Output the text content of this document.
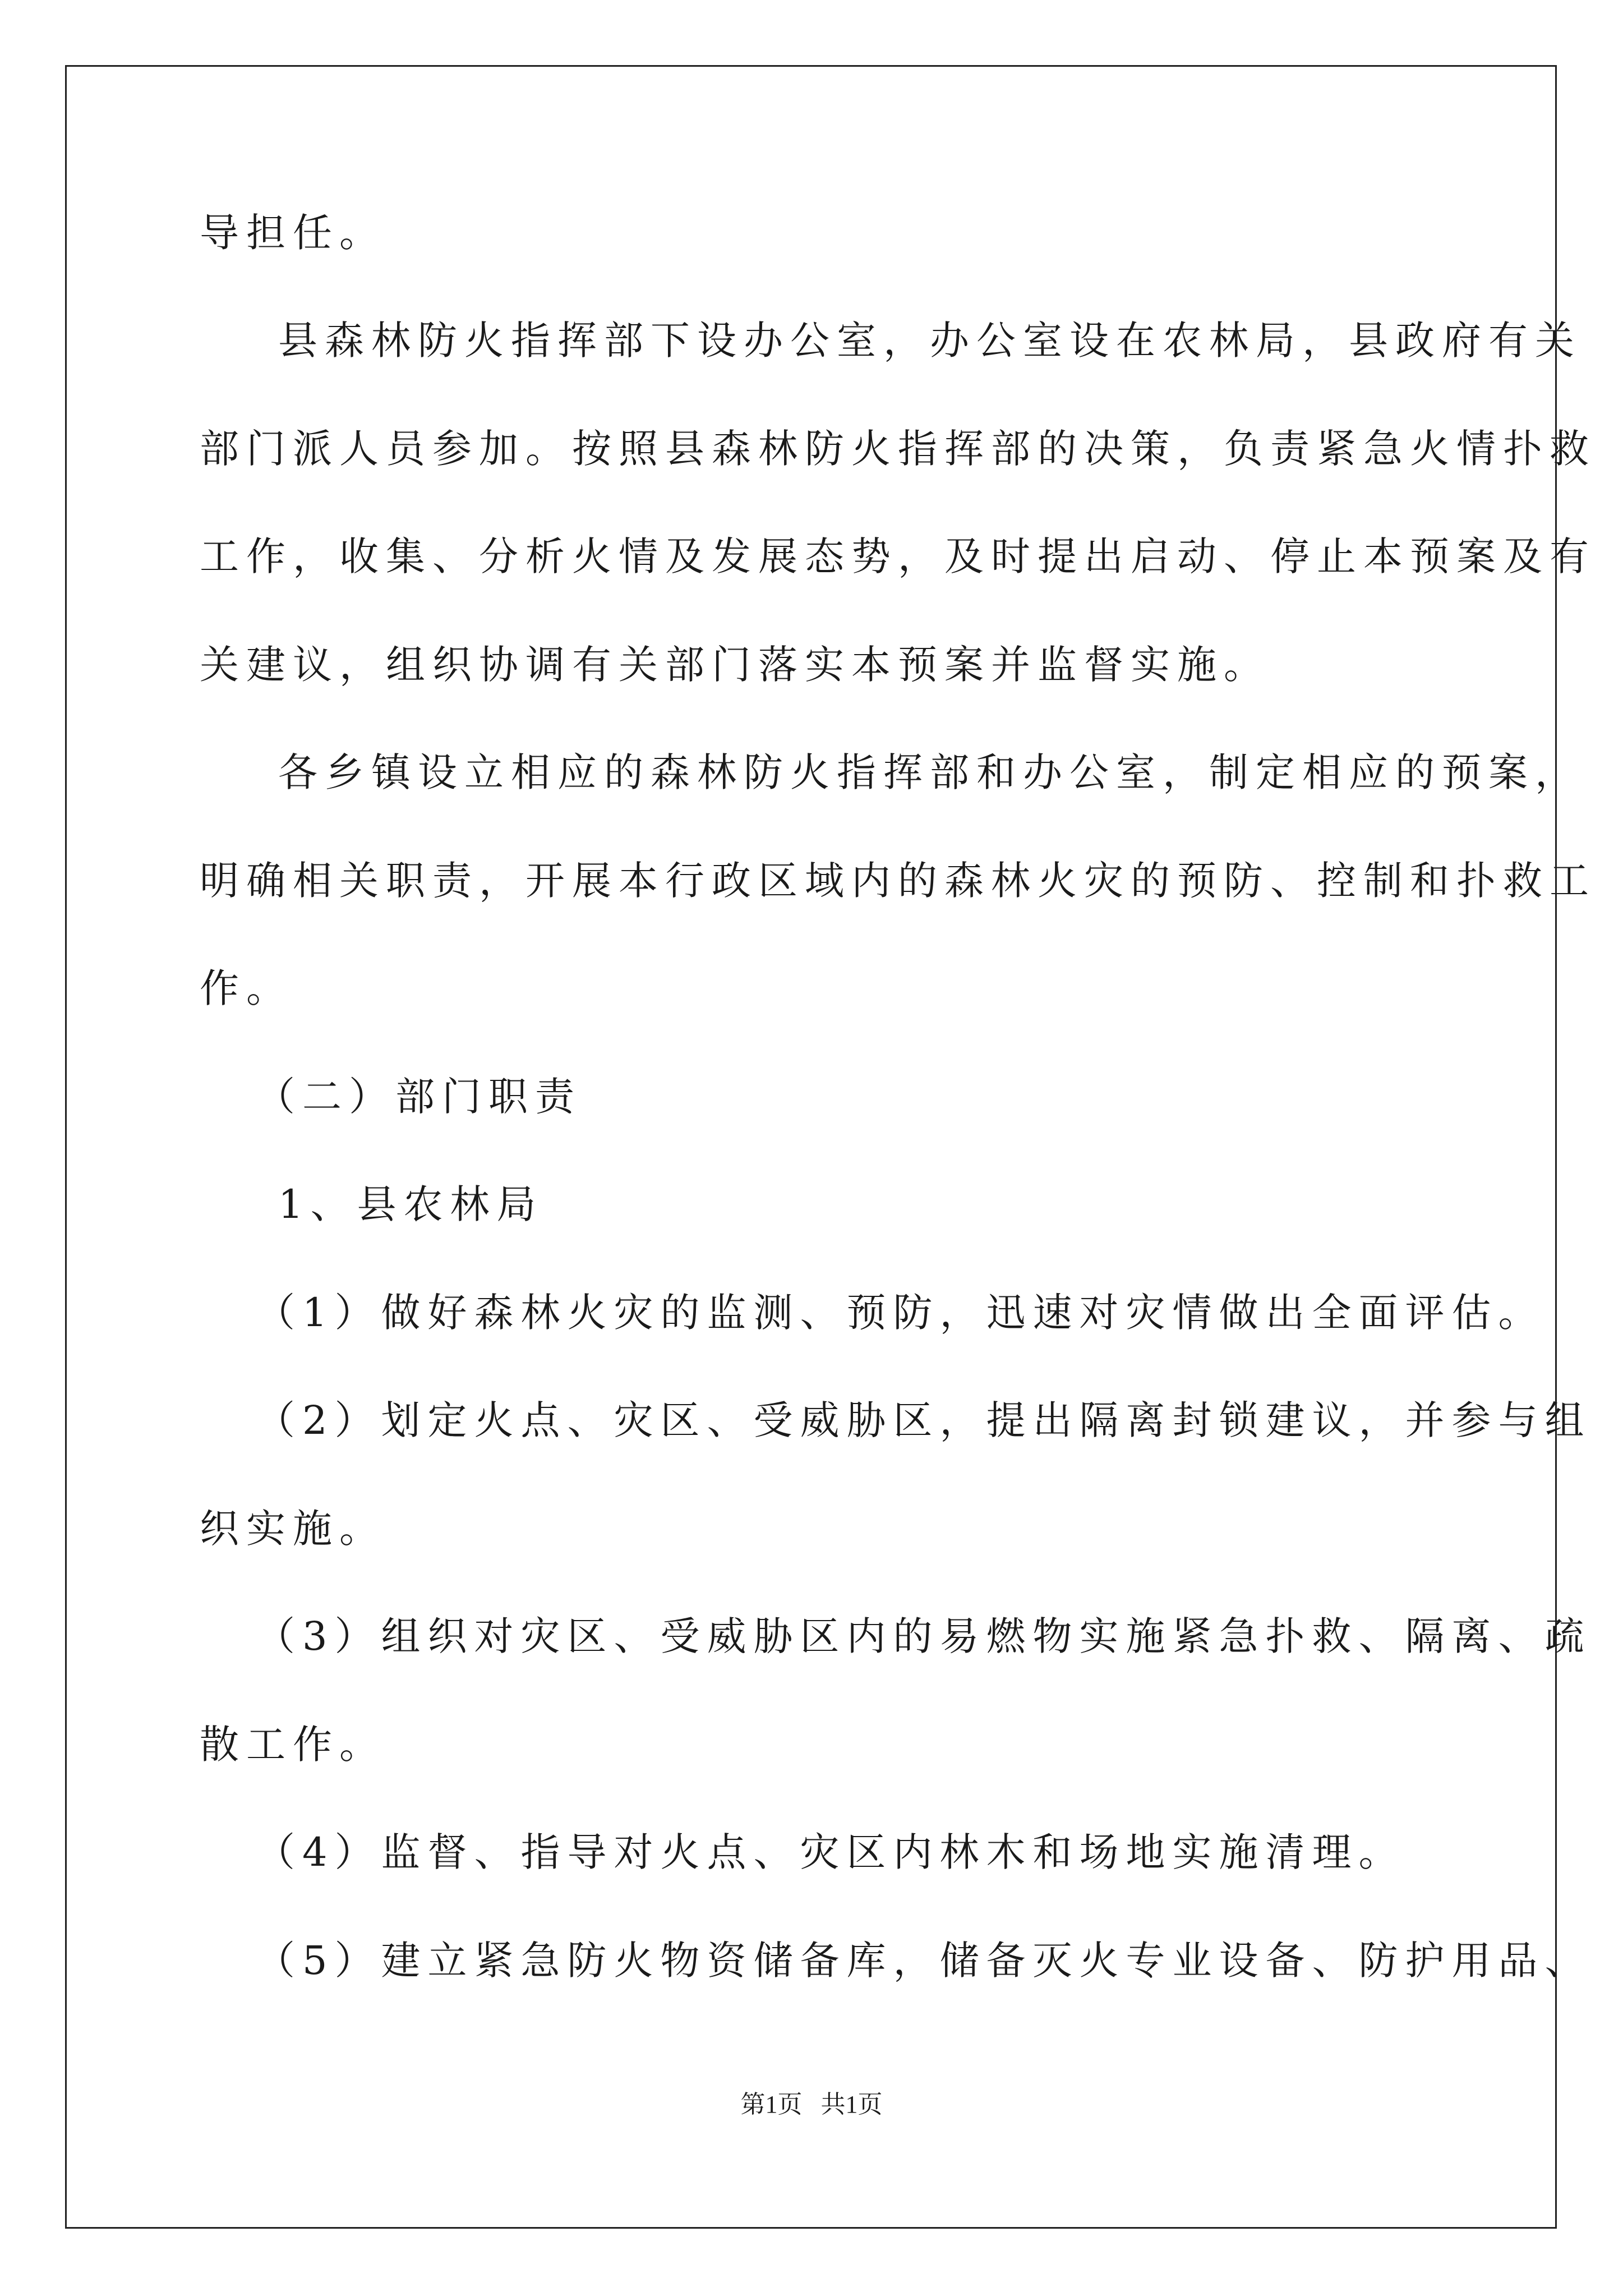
导担任。
县森林防火指挥部下设办公室，办公室设在农林局，县政府有关
部门派人员参加。按照县森林防火指挥部的决策，负责紧急火情扑救
工作，收集、分析火情及发展态势，及时提出启动、停止本预案及有
关建议，组织协调有关部门落实本预案并监督实施。
各乡镇设立相应的森林防火指挥部和办公室，制定相应的预案，
明确相关职责，开展本行政区域内的森林火灾的预防、控制和扑救工
作。
（二）部门职责
1、县农林局
（1）做好森林火灾的监测、预防，迅速对灾情做出全面评估。
（2）划定火点、灾区、受威胁区，提出隔离封锁建议，并参与组
织实施。
（3）组织对灾区、受威胁区内的易燃物实施紧急扑救、隔离、疏
散工作。
（4）监督、指导对火点、灾区内林木和场地实施清理。
（5）建立紧急防火物资储备库，储备灭火专业设备、防护用品、
第1页   共1页
